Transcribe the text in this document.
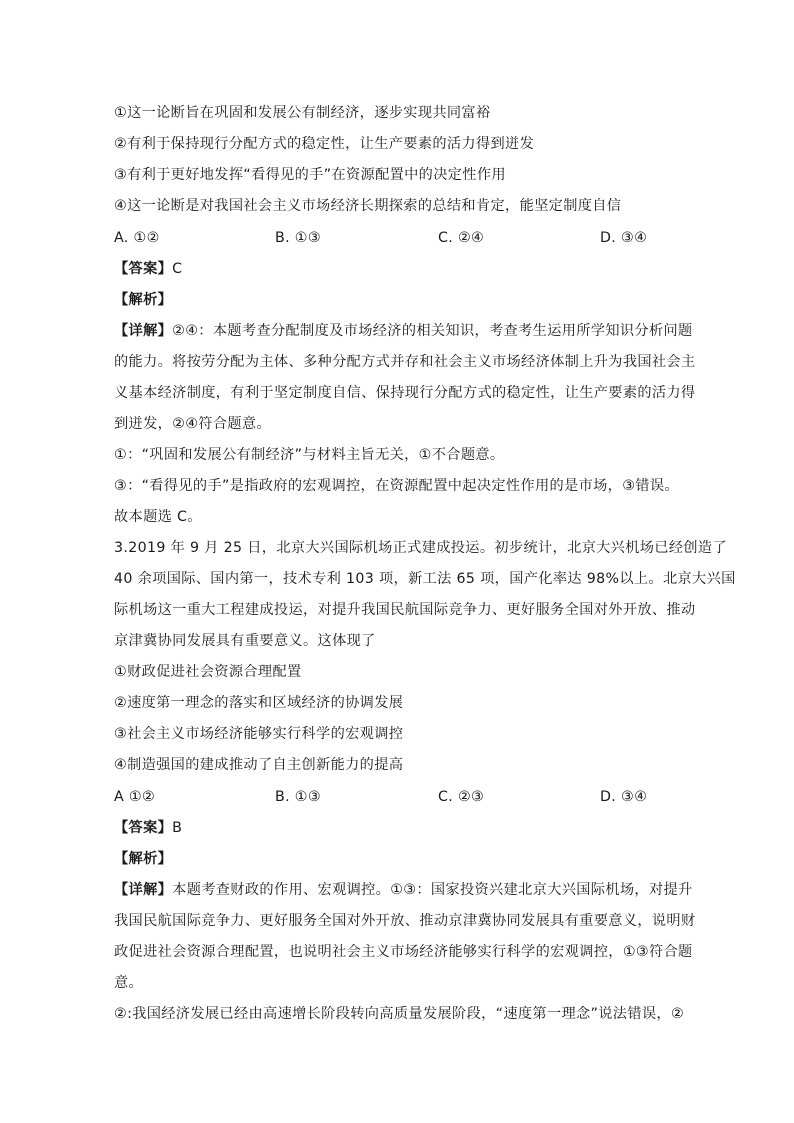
①这一论断旨在巩固和发展公有制经济，逐步实现共同富裕
②有利于保持现行分配方式的稳定性，让生产要素的活力得到迸发
③有利于更好地发挥“看得见的手”在资源配置中的决定性作用
④这一论断是对我国社会主义市场经济长期探索的总结和肯定，能坚定制度自信
A. ①②	B. ①③	C. ②④	D. ③④
【答案】C
【解析】
【详解】②④：本题考查分配制度及市场经济的相关知识，考查考生运用所学知识分析问题
的能力。将按劳分配为主体、多种分配方式并存和社会主义市场经济体制上升为我国社会主
义基本经济制度，有利于坚定制度自信、保持现行分配方式的稳定性，让生产要素的活力得
到迸发，②④符合题意。
①：“巩固和发展公有制经济”与材料主旨无关，①不合题意。
③：“看得见的手”是指政府的宏观调控，在资源配置中起决定性作用的是市场，③错误。
故本题选 C。
3.2019 年 9 月 25 日，北京大兴国际机场正式建成投运。初步统计，北京大兴机场已经创造了
40 余项国际、国内第一，技术专利 103 项，新工法 65 项，国产化率达 98%以上。北京大兴国
际机场这一重大工程建成投运，对提升我国民航国际竞争力、更好服务全国对外开放、推动
京津冀协同发展具有重要意义。这体现了
①财政促进社会资源合理配置
②速度第一理念的落实和区域经济的协调发展
③社会主义市场经济能够实行科学的宏观调控
④制造强国的建成推动了自主创新能力的提高
A ①②	B. ①③	C. ②③	D. ③④
【答案】B
【解析】
【详解】本题考查财政的作用、宏观调控。①③：国家投资兴建北京大兴国际机场，对提升
我国民航国际竞争力、更好服务全国对外开放、推动京津冀协同发展具有重要意义，说明财
政促进社会资源合理配置，也说明社会主义市场经济能够实行科学的宏观调控，①③符合题
意。
②:我国经济发展已经由高速增长阶段转向高质量发展阶段，“速度第一理念”说法错误，②
